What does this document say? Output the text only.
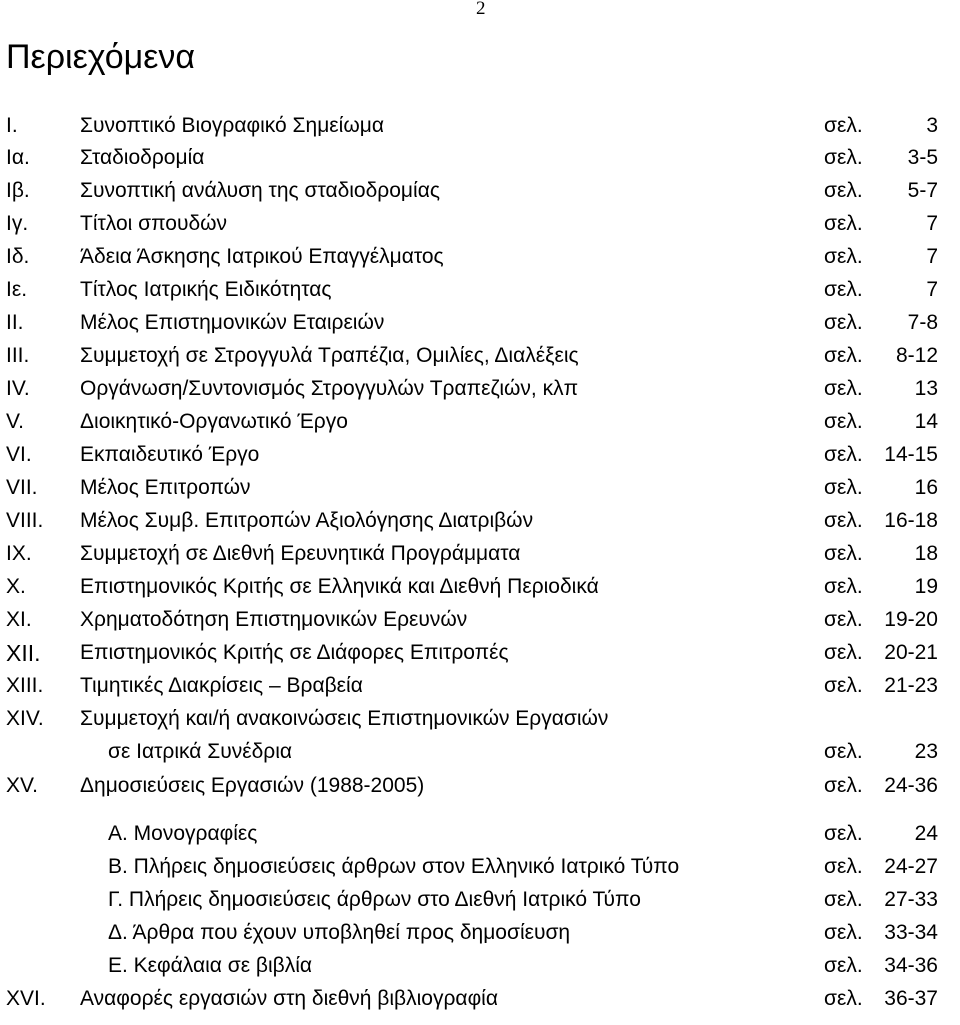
2
Περιεχόμενα
I.	Συνοπτικό Βιογραφικό Σημείωμα	σελ.	3
Iα. Σταδιοδρομία	σελ. 3-5
Iβ. Συνοπτική ανάλυση της σταδιοδρομίας	σελ. 5-7
Iγ. Τίτλοι σπουδών	σελ.	7
Iδ. Άδεια Άσκησης Ιατρικού Επαγγέλματος	σελ.	7
Iε.	Τίτλος Ιατρικής Ειδικότητας	σελ.	7
II.	Μέλος Επιστημονικών Εταιρειών	σελ. 7-8
III. Συμμετοχή σε Στρογγυλά Τραπέζια, Ομιλίες, Διαλέξεις	σελ. 8-12
IV. Οργάνωση/Συντονισμός Στρογγυλών Τραπεζιών, κλπ	σελ. 13
V.	Διοικητικό-Οργανωτικό Έργο	σελ. 14
VI. Εκπαιδευτικό Έργο	σελ. 14-15
VII. Μέλος Επιτροπών	σελ. 16
VIII. Μέλος Συμβ. Επιτροπών Αξιολόγησης Διατριβών	σελ. 16-18
IX. Συμμετοχή σε Διεθνή Ερευνητικά Προγράμματα	σελ. 18
X.	Επιστημονικός Κριτής σε Ελληνικά και Διεθνή Περιοδικά	σελ. 19
XI. Χρηματοδότηση Επιστημονικών Ερευνών	σελ. 19-20
XII. Επιστημονικός Κριτής σε Διάφορες Επιτροπές	σελ. 20-21
XIII. Τιμητικές Διακρίσεις – Βραβεία	σελ. 21-23
XIV. Συμμετοχή και/ή ανακοινώσεις Επιστημονικών Εργασιών
σε Ιατρικά Συνέδρια	σελ. 23
XV. Δημοσιεύσεις Εργασιών (1988-2005)	σελ. 24-36
Α. Μονογραφίες	σελ. 24
Β. Πλήρεις δημοσιεύσεις άρθρων στον Ελληνικό Ιατρικό Τύπο	σελ. 24-27
Γ. Πλήρεις δημοσιεύσεις άρθρων στο Διεθνή Ιατρικό Τύπο	σελ. 27-33
Δ. Άρθρα που έχουν υποβληθεί προς δημοσίευση	σελ. 33-34
Ε. Κεφάλαια σε βιβλία	σελ. 34-36
XVI. Αναφορές εργασιών στη διεθνή βιβλιογραφία	σελ. 36-37
